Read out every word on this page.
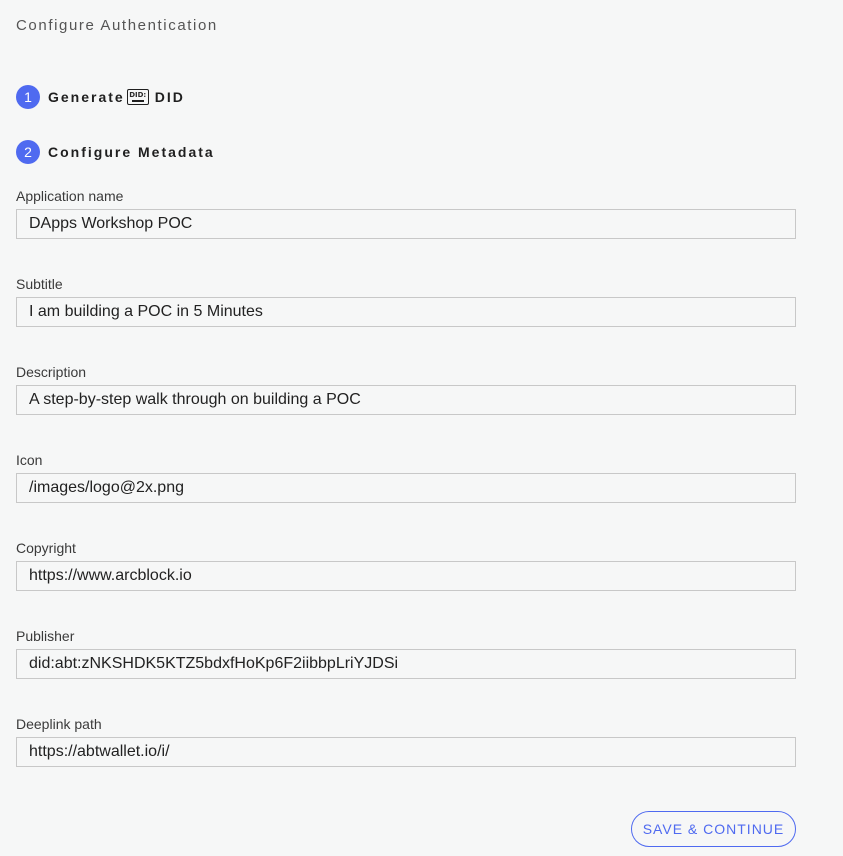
Configure Authentication
1	Generate DID: DID
2	Configure Metadata
Application name
DApps Workshop POC
Subtitle
I am building a POC in 5 Minutes
Description
A step-by-step walk through on building a POC
Icon
/images/logo@2x.png
Copyright
https://www.arcblock.io
Publisher
did:abt:zNKSHDK5KTZ5bdxfHoKp6F2iibbpLriYJDSi
Deeplink path
https://abtwallet.io/i/
SAVE & CONTINUE
